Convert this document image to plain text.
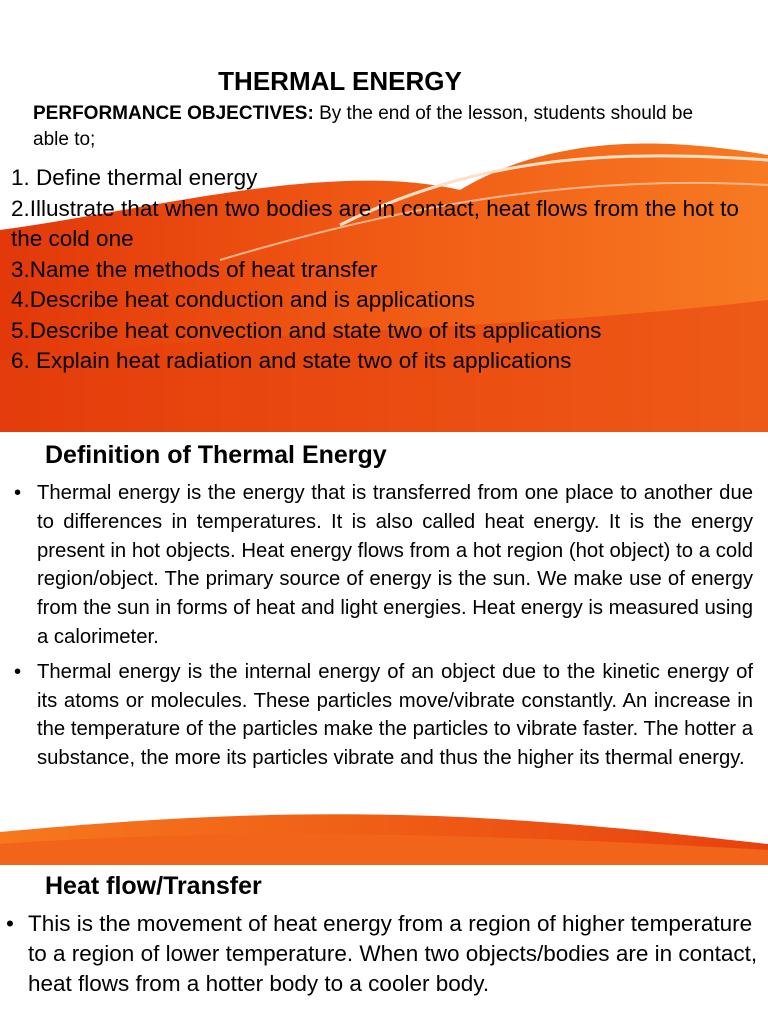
THERMAL ENERGY
PERFORMANCE OBJECTIVES: By the end of the lesson, students should be able to;
1. Define thermal energy
2.Illustrate that when two bodies are in contact, heat flows from the hot to the cold one
3.Name the methods of heat transfer
4.Describe heat conduction and is applications
5.Describe heat convection and state two of its applications
6. Explain heat radiation and state two of its applications
Definition of Thermal Energy
• Thermal energy is the energy that is transferred from one place to another due to differences in temperatures. It is also called heat energy. It is the energy present in hot objects. Heat energy flows from a hot region (hot object) to a cold region/object. The primary source of energy is the sun. We make use of energy from the sun in forms of heat and light energies. Heat energy is measured using a calorimeter.
• Thermal energy is the internal energy of an object due to the kinetic energy of its atoms or molecules. These particles move/vibrate constantly. An increase in the temperature of the particles make the particles to vibrate faster. The hotter a substance, the more its particles vibrate and thus the higher its thermal energy.
Heat flow/Transfer
• This is the movement of heat energy from a region of higher temperature to a region of lower temperature. When two objects/bodies are in contact, heat flows from a hotter body to a cooler body.
